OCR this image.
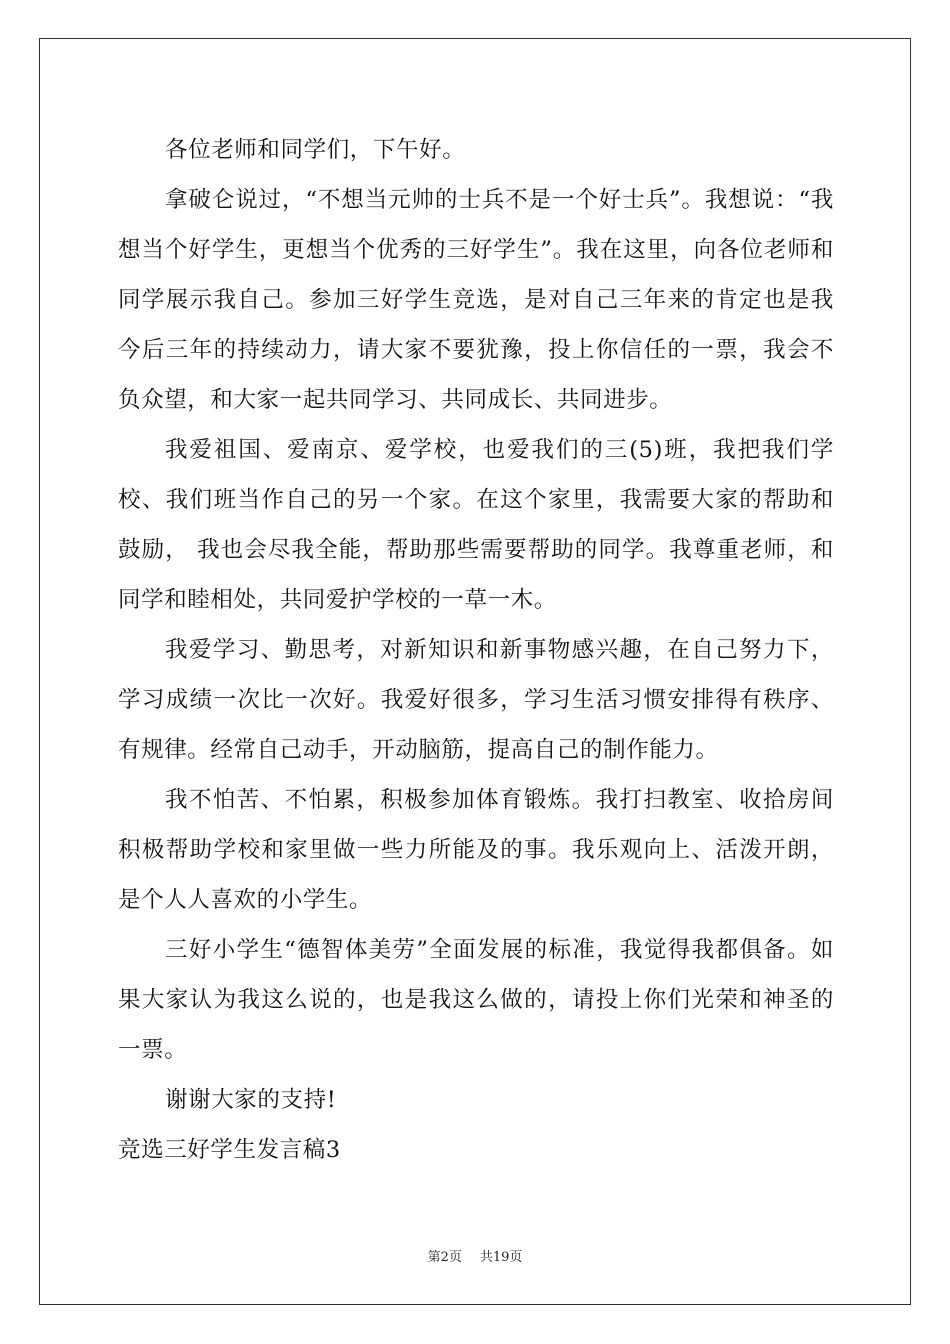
各位老师和同学们，下午好。

拿破仑说过，“不想当元帅的士兵不是一个好士兵”。我想说：“我想当个好学生，更想当个优秀的三好学生”。我在这里，向各位老师和同学展示我自己。参加三好学生竞选，是对自己三年来的肯定也是我今后三年的持续动力，请大家不要犹豫，投上你信任的一票，我会不负众望，和大家一起共同学习、共同成长、共同进步。

我爱祖国、爱南京、爱学校，也爱我们的三(5)班，我把我们学校、我们班当作自己的另一个家。在这个家里，我需要大家的帮助和鼓励， 我也会尽我全能，帮助那些需要帮助的同学。我尊重老师，和同学和睦相处，共同爱护学校的一草一木。

我爱学习、勤思考，对新知识和新事物感兴趣，在自己努力下，学习成绩一次比一次好。我爱好很多，学习生活习惯安排得有秩序、有规律。经常自己动手，开动脑筋，提高自己的制作能力。

我不怕苦、不怕累，积极参加体育锻炼。我打扫教室、收拾房间积极帮助学校和家里做一些力所能及的事。我乐观向上、活泼开朗，是个人人喜欢的小学生。

三好小学生“德智体美劳”全面发展的标准，我觉得我都俱备。如果大家认为我这么说的，也是我这么做的，请投上你们光荣和神圣的一票。

谢谢大家的支持!

竞选三好学生发言稿3

第2页 共19页
